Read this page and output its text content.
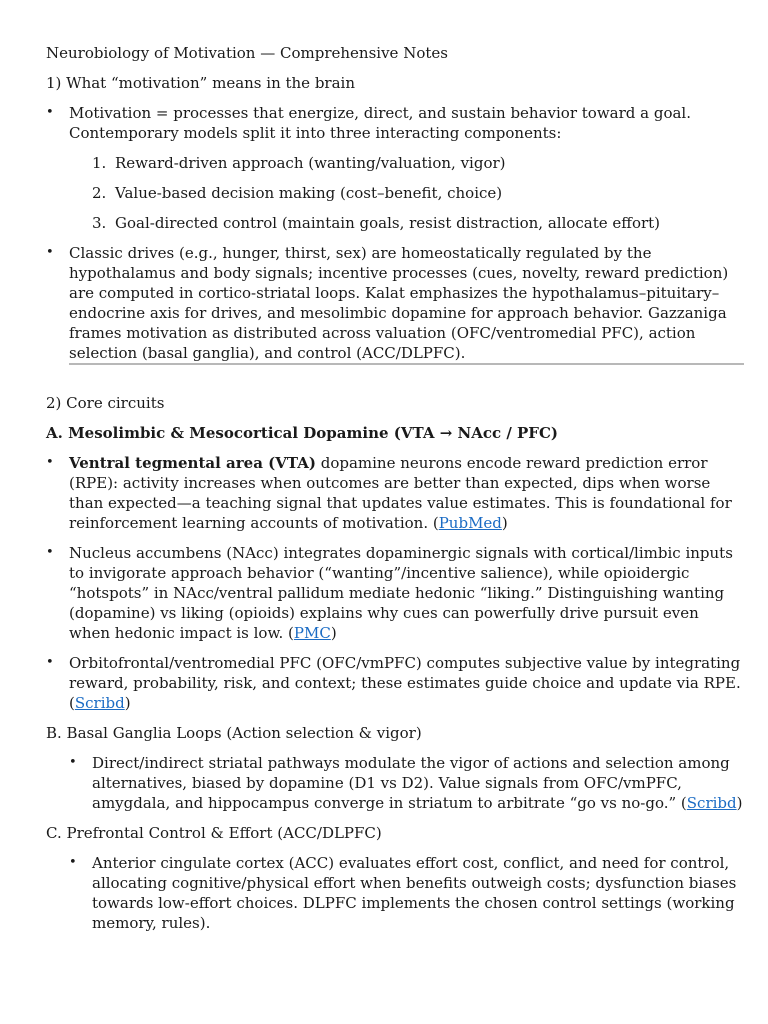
Neurobiology of Motivation — Comprehensive Notes
1) What “motivation” means in the brain
• Motivation = processes that energize, direct, and sustain behavior toward a goal. Contemporary models split it into three interacting components:
1. Reward-driven approach (wanting/valuation, vigor)
2. Value-based decision making (cost–benefit, choice)
3. Goal-directed control (maintain goals, resist distraction, allocate effort)
• Classic drives (e.g., hunger, thirst, sex) are homeostatically regulated by the hypothalamus and body signals; incentive processes (cues, novelty, reward prediction) are computed in cortico-striatal loops. Kalat emphasizes the hypothalamus–pituitary–endocrine axis for drives, and mesolimbic dopamine for approach behavior. Gazzaniga frames motivation as distributed across valuation (OFC/ventromedial PFC), action selection (basal ganglia), and control (ACC/DLPFC).
2) Core circuits
A. Mesolimbic & Mesocortical Dopamine (VTA → NAcc / PFC)
• Ventral tegmental area (VTA) dopamine neurons encode reward prediction error (RPE): activity increases when outcomes are better than expected, dips when worse than expected—a teaching signal that updates value estimates. This is foundational for reinforcement learning accounts of motivation. (PubMed)
• Nucleus accumbens (NAcc) integrates dopaminergic signals with cortical/limbic inputs to invigorate approach behavior (“wanting”/incentive salience), while opioidergic “hotspots” in NAcc/ventral pallidum mediate hedonic “liking.” Distinguishing wanting (dopamine) vs liking (opioids) explains why cues can powerfully drive pursuit even when hedonic impact is low. (PMC)
• Orbitofrontal/ventromedial PFC (OFC/vmPFC) computes subjective value by integrating reward, probability, risk, and context; these estimates guide choice and update via RPE. (Scribd)
B. Basal Ganglia Loops (Action selection & vigor)
• Direct/indirect striatal pathways modulate the vigor of actions and selection among alternatives, biased by dopamine (D1 vs D2). Value signals from OFC/vmPFC, amygdala, and hippocampus converge in striatum to arbitrate “go vs no-go.” (Scribd)
C. Prefrontal Control & Effort (ACC/DLPFC)
• Anterior cingulate cortex (ACC) evaluates effort cost, conflict, and need for control, allocating cognitive/physical effort when benefits outweigh costs; dysfunction biases towards low-effort choices. DLPFC implements the chosen control settings (working memory, rules).
